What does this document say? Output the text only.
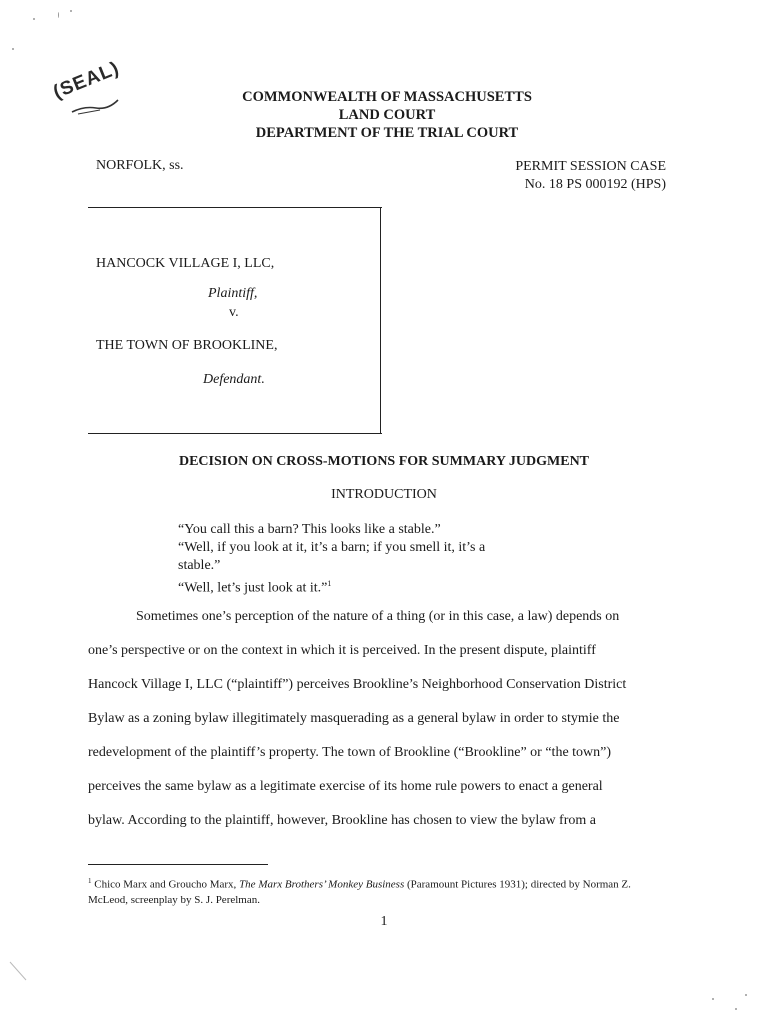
(SEAL)	COMMONWEALTH OF MASSACHUSETTS
LAND COURT
DEPARTMENT OF THE TRIAL COURT
NORFOLK, ss.	PERMIT SESSION CASE
No. 18 PS 000192 (HPS)
HANCOCK VILLAGE I, LLC,
Plaintiff,
v.
THE TOWN OF BROOKLINE,
Defendant.
DECISION ON CROSS-MOTIONS FOR SUMMARY JUDGMENT
INTRODUCTION
“You call this a barn? This looks like a stable.”
“Well, if you look at it, it’s a barn; if you smell it, it’s a stable.”
“Well, let’s just look at it.”$^1$
Sometimes one’s perception of the nature of a thing (or in this case, a law) depends on
one’s perspective or on the context in which it is perceived. In the present dispute, plaintiff
Hancock Village I, LLC (“plaintiff”) perceives Brookline’s Neighborhood Conservation District
Bylaw as a zoning bylaw illegitimately masquerading as a general bylaw in order to stymie the
redevelopment of the plaintiff’s property. The town of Brookline (“Brookline” or “the town”)
perceives the same bylaw as a legitimate exercise of its home rule powers to enact a general
bylaw. According to the plaintiff, however, Brookline has chosen to view the bylaw from a
$^1$ Chico Marx and Groucho Marx, The Marx Brothers’ Monkey Business (Paramount Pictures 1931); directed by Norman Z. McLeod, screenplay by S. J. Perelman.
1
